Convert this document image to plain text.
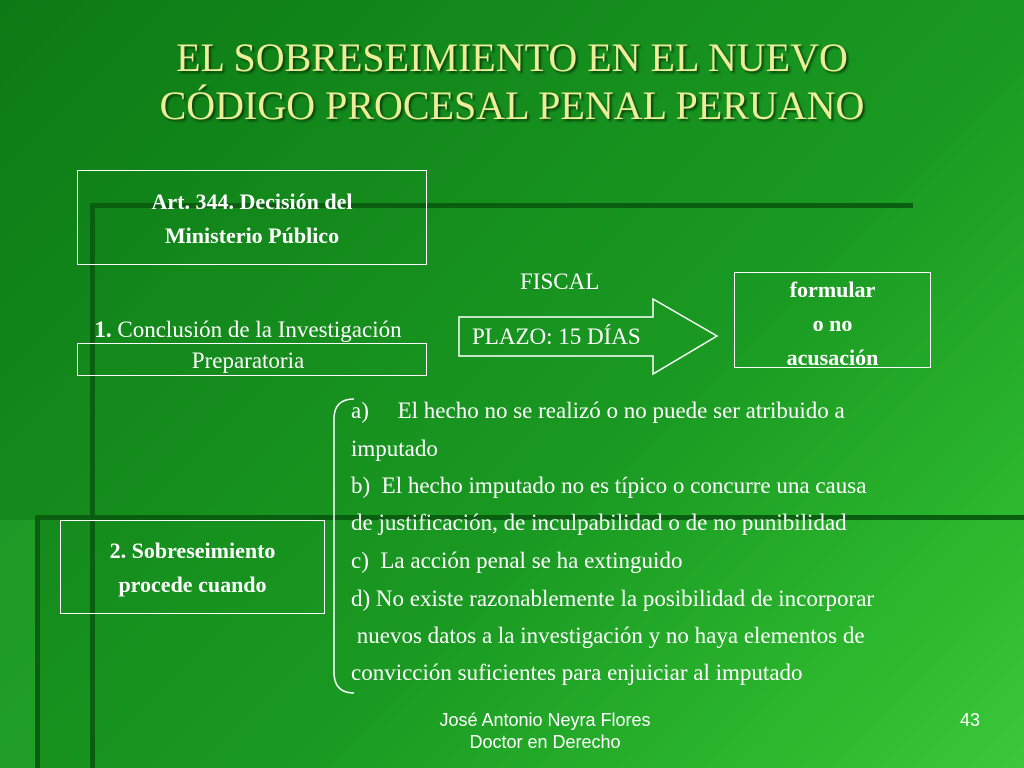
EL SOBRESEIMIENTO EN EL NUEVO
CÓDIGO PROCESAL PENAL PERUANO
Art. 344. Decisión del
Ministerio Público
1. Conclusión de la Investigación
Preparatoria
FISCAL
PLAZO: 15 DÍAS
formular
o no
acusación
2. Sobreseimiento
procede cuando
a)     El hecho no se realizó o no puede ser atribuido a
imputado
b)  El hecho imputado no es típico o concurre una causa
de justificación, de inculpabilidad o de no punibilidad
c)  La acción penal se ha extinguido
d) No existe razonablemente la posibilidad de incorporar
nuevos datos a la investigación y no haya elementos de
convicción suficientes para enjuiciar al imputado
José Antonio Neyra Flores
Doctor en Derecho
43
